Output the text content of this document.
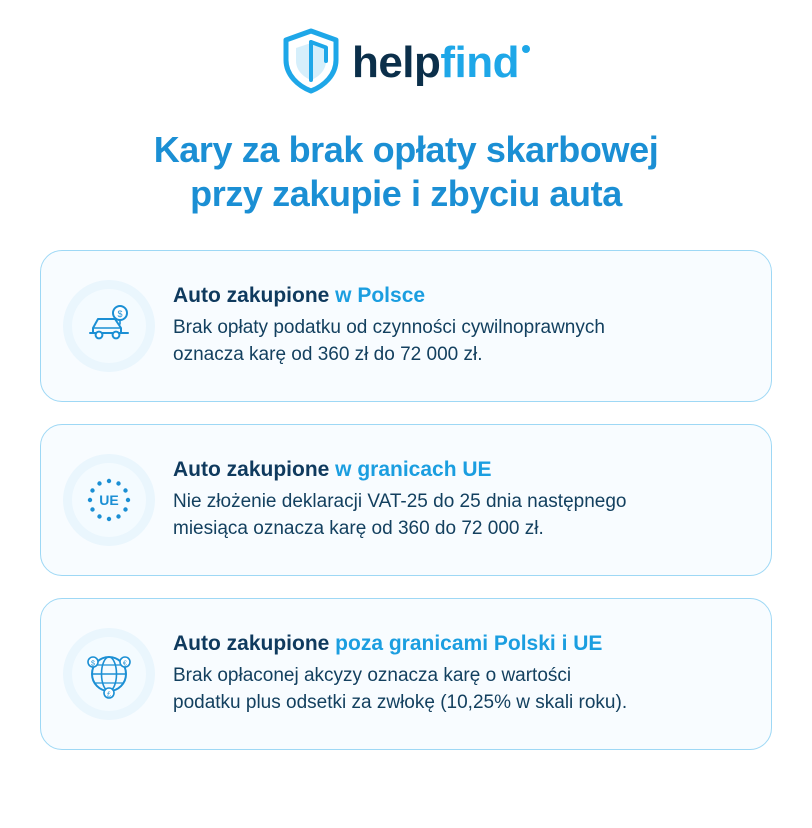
helpfind
Kary za brak opłaty skarbowej
przy zakupie i zbyciu auta
$
Auto zakupione w Polsce
Brak opłaty podatku od czynności cywilnoprawnych
oznacza karę od 360 zł do 72 000 zł.
UE
Auto zakupione w granicach UE
Nie złożenie deklaracji VAT-25 do 25 dnia następnego
miesiąca oznacza karę od 360 do 72 000 zł.
$	€
£
Auto zakupione poza granicami Polski i UE
Brak opłaconej akcyzy oznacza karę o wartości
podatku plus odsetki za zwłokę (10,25% w skali roku).
